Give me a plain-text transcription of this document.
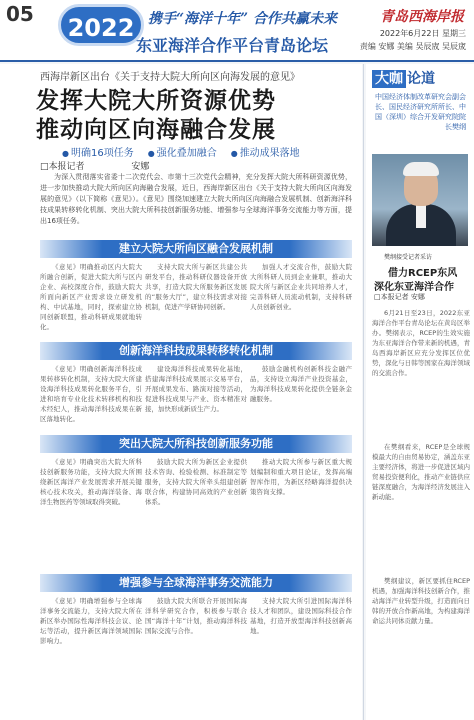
05	2022 携手“海洋十年” 合作共赢未来
东亚海洋合作平台青岛论坛
青岛西海岸报
2022年6月22日 星期三
责编 安娜 美编 吴辰宬 吴辰宬
西海岸新区出台《关于支持大院大所向区向海发展的意见》
发挥大院大所资源优势
推动向区向海融合发展
● 明确16项任务	● 强化叠加融合	● 推动成果落地
□本报记者	安娜
为深入贯彻落实省委十二次党代会、市第十三次党代会精神，充分发挥大院大所科研资源优势，进一步加快推动大院大所向区向海融合发展，近日，西海岸新区出台《关于支持大院大所向区向海发展的意见》（以下简称《意见》）。《意见》围绕加速建立大院大所向区向海融合发展机制、创新海洋科技成果转移转化机制、突出大院大所科技创新服务功能、增强参与全球海洋事务交流能力等方面，提出16项任务。
建立大院大所向区融合发展机制
《意见》明确推动区内大院大所融合创新，促进大院大所与区内企业、高校深度合作，鼓励大院大所面向新区产业需求设立研发机构、中试基地，同时，探索建立协同创新联盟，推动科研成果就地转化。
支持大院大所与新区共建公共研发平台，推动科研仪器设备开放共享，打造大院大所服务新区发展的“服务大厅”，建立科技需求对接机制，促进产学研协同创新。
加强人才交流合作，鼓励大院大所科研人员到企业兼职，推动大院大所与新区企业共同培养人才，完善科研人员流动机制，支持科研人员创新创业。
创新海洋科技成果转移转化机制
《意见》明确创新海洋科技成果转移转化机制，支持大院大所建设海洋科技成果转化服务平台，引进和培育专业化技术转移机构和技术经纪人，推动海洋科技成果在新区落地转化。
建设海洋科技成果转化基地，搭建海洋科技成果展示交易平台，开展成果发布、路演对接等活动，促进科技成果与产业、资本精准对接，加快形成新质生产力。
鼓励金融机构创新科技金融产品，支持设立海洋产业投资基金，为海洋科技成果转化提供全链条金融服务。
突出大院大所科技创新服务功能
《意见》明确突出大院大所科技创新服务功能，支持大院大所围绕新区海洋产业发展需求开展关键核心技术攻关，推动海洋装备、海洋生物医药等领域取得突破。
鼓励大院大所为新区企业提供技术咨询、检验检测、标准制定等服务，支持大院大所牵头组建创新联合体，构建协同高效的产业创新体系。
推动大院大所参与新区重大规划编制和重大项目论证，发挥高端智库作用，为新区经略海洋提供决策咨询支撑。
增强参与全球海洋事务交流能力
《意见》明确增强参与全球海洋事务交流能力，支持大院大所在新区举办国际性海洋科技会议、论坛等活动，提升新区海洋领域国际影响力。
鼓励大院大所联合开展国际海洋科学研究合作，积极参与联合国“海洋十年”计划，推动海洋科技国际交流与合作。
支持大院大所引进国际海洋科技人才和团队，建设国际科技合作基地，打造开放型海洋科技创新高地。
大咖 论道
中国经济体制改革研究会副会长、国民经济研究所所长、中国（深圳）综合开发研究院院长樊纲
樊纲接受记者采访
借力RCEP东风
深化东亚海洋合作
□本报记者 安娜
6月21日至23日，2022东亚海洋合作平台青岛论坛在黄岛区举办。樊纲表示，RCEP的生效实施为东亚海洋合作带来新的机遇，青岛西海岸新区应充分发挥区位优势，深化与日韩等国家在海洋领域的交流合作。
在樊纲看来，RCEP是全球规模最大的自由贸易协定，涵盖东亚主要经济体，将进一步促进区域内贸易投资便利化，推动产业链供应链深度融合，为海洋经济发展注入新动能。
樊纲建议，新区要抓住RCEP机遇，加强海洋科技创新合作，推动海洋产业转型升级，打造面向日韩的开放合作新高地，为构建海洋命运共同体贡献力量。
